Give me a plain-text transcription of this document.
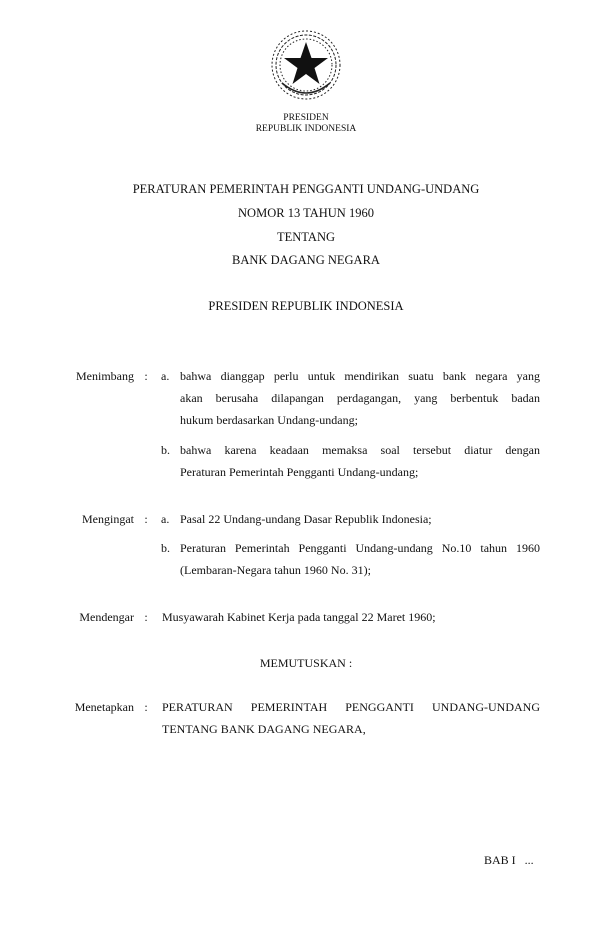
PRESIDEN
REPUBLIK INDONESIA
PERATURAN PEMERINTAH PENGGANTI UNDANG-UNDANG
NOMOR 13 TAHUN 1960
TENTANG
BANK DAGANG NEGARA
PRESIDEN REPUBLIK INDONESIA
Menimbang : a. bahwa dianggap perlu untuk mendirikan suatu bank negara yang
akan berusaha dilapangan perdagangan, yang berbentuk badan
hukum berdasarkan Undang-undang;
b. bahwa karena keadaan memaksa soal tersebut diatur dengan
Peraturan Pemerintah Pengganti Undang-undang;
Mengingat : a. Pasal 22 Undang-undang Dasar Republik Indonesia;
b. Peraturan Pemerintah Pengganti Undang-undang No.10 tahun 1960
(Lembaran-Negara tahun 1960 No. 31);
Mendengar : Musyawarah Kabinet Kerja pada tanggal 22 Maret 1960;
MEMUTUSKAN :
Menetapkan : PERATURAN PEMERINTAH PENGGANTI UNDANG-UNDANG
TENTANG BANK DAGANG NEGARA,
BAB I   ...
